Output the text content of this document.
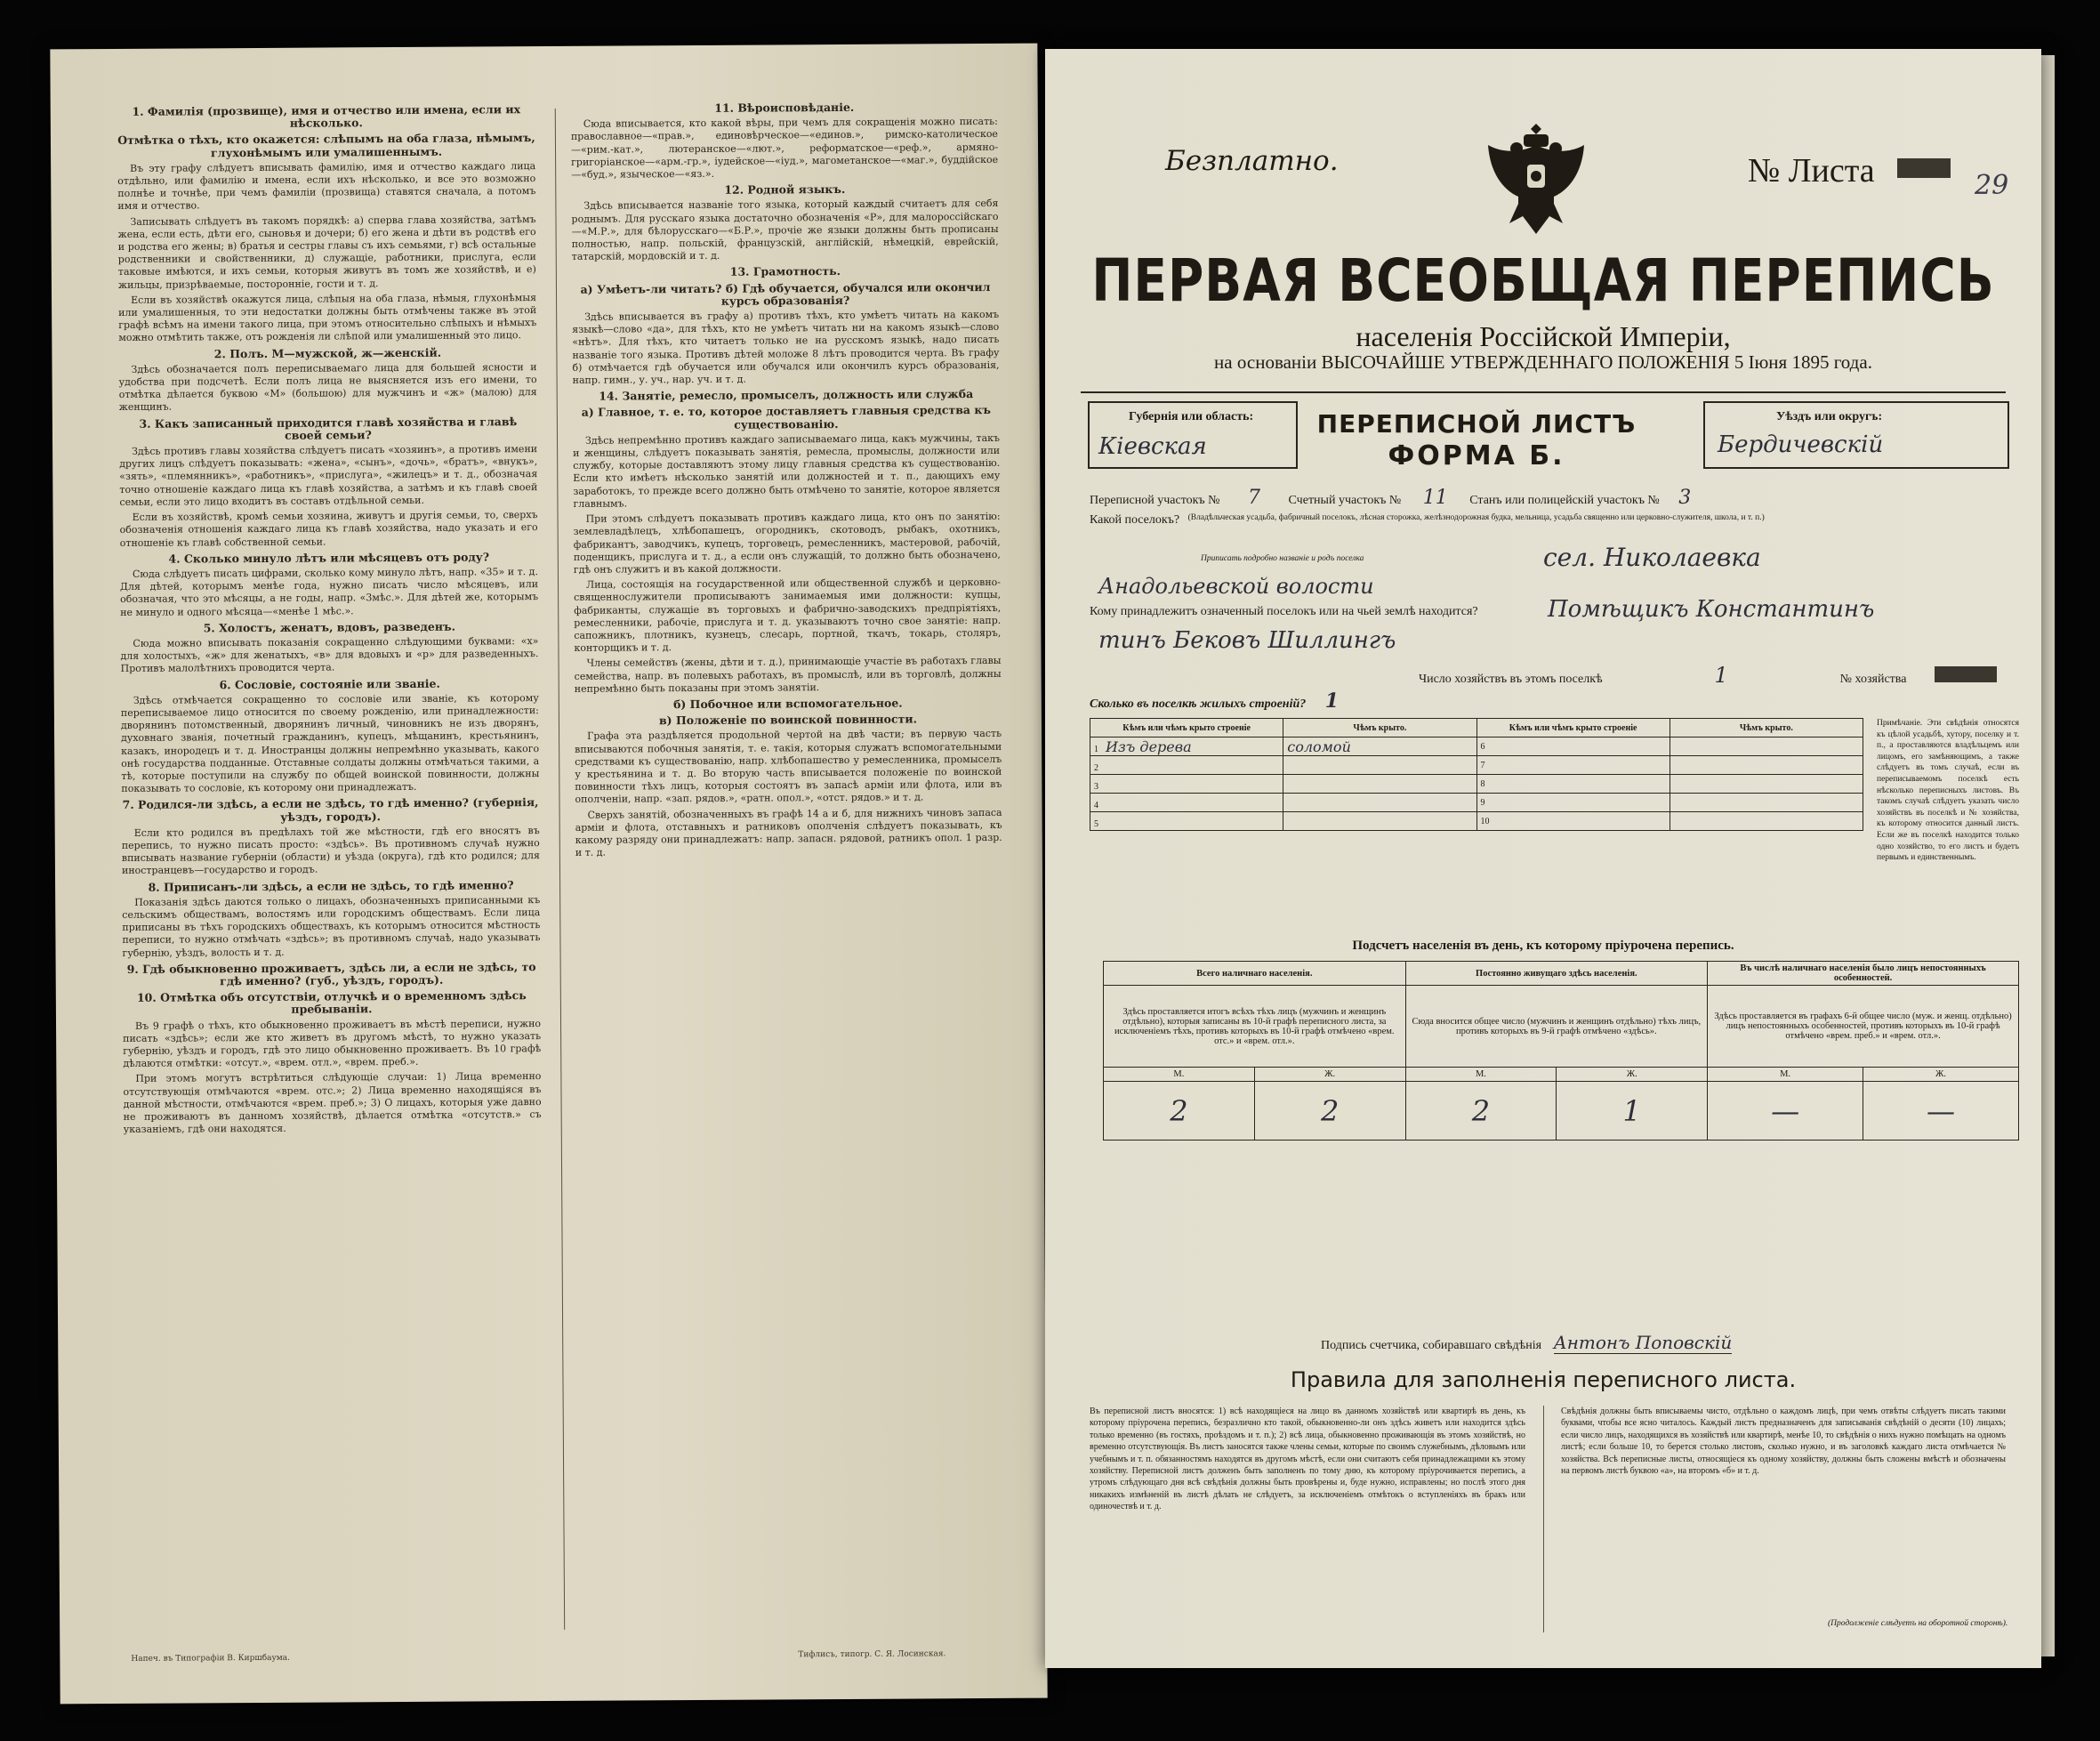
1. Фамилія (прозвище), имя и отчество или имена, если их нѣсколько.
Отмѣтка о тѣхъ, кто окажется: слѣпымъ на оба глаза, нѣмымъ, глухонѣмымъ или умалишеннымъ.

Въ эту графу слѣдуетъ вписывать фамилію, имя и отчество каждаго лица отдѣльно, или фамилію и имена, если ихъ нѣсколько, и все это возможно полнѣе и точнѣе, при чемъ фамиліи (прозвища) ставятся сначала, а потомъ имя и отчество.

Записывать слѣдуетъ въ такомъ порядкѣ: а) сперва глава хозяйства, затѣмъ жена, если есть, дѣти его, сыновья и дочери; б) его жена и дѣти въ родствѣ его и родства его жены; в) братья и сестры главы съ ихъ семьями, г) всѣ остальные родственники и свойственники, д) служащіе, работники, прислуга, если таковые имѣются, и ихъ семьи, которыя живутъ въ томъ же хозяйствѣ, и е) жильцы, призрѣваемые, посторонніе, гости и т. д.

Если въ хозяйствѣ окажутся лица, слѣпыя на оба глаза, нѣмыя, глухонѣмыя или умалишенныя, то эти недостатки должны быть отмѣчены также въ этой графѣ всѣмъ на имени такого лица, при этомъ относительно слѣпыхъ и нѣмыхъ можно отмѣтить также, отъ рожденія ли слѣпой или умалишенный это лицо.

2. Полъ. М—мужской, ж—женскій.

Здѣсь обозначается полъ переписываемаго лица для большей ясности и удобства при подсчетѣ. Если полъ лица не выясняется изъ его имени, то отмѣтка дѣлается буквою «М» (большою) для мужчинъ и «ж» (малою) для женщинъ.

3. Какъ записанный приходится главѣ хозяйства и главѣ своей семьи?

Здѣсь противъ главы хозяйства слѣдуетъ писать «хозяинъ», а противъ имени других лицъ слѣдуетъ показывать: «жена», «сынъ», «дочь», «братъ», «внукъ», «зять», «племянникъ», «работникъ», «прислуга», «жилецъ» и т. д., обозначая точно отношеніе каждаго лица къ главѣ хозяйства, а затѣмъ и къ главѣ своей семьи, если это лицо входитъ въ составъ отдѣльной семьи.

Если въ хозяйствѣ, кромѣ семьи хозяина, живутъ и другія семьи, то, сверхъ обозначенія отношенія каждаго лица къ главѣ хозяйства, надо указать и его отношеніе къ главѣ собственной семьи.

4. Сколько минуло лѣтъ или мѣсяцевъ отъ роду?

Сюда слѣдуетъ писать цифрами, сколько кому минуло лѣтъ, напр. «35» и т. д. Для дѣтей, которымъ менѣе года, нужно писать число мѣсяцевъ, или обозначая, что это мѣсяцы, а не годы, напр. «3мѣс.». Для дѣтей же, которымъ не минуло и одного мѣсяца—«менѣе 1 мѣс.».

5. Холостъ, женатъ, вдовъ, разведенъ.

Сюда можно вписывать показанія сокращенно слѣдующими буквами: «х» для холостыхъ, «ж» для женатыхъ, «в» для вдовыхъ и «р» для разведенныхъ. Противъ малолѣтнихъ проводится черта.

6. Сословіе, состояніе или званіе.

Здѣсь отмѣчается сокращенно то сословіе или званіе, къ которому переписываемое лицо относится по своему рожденію, или принадлежности: дворянинъ потомственный, дворянинъ личный, чиновникъ не изъ дворянъ, духовнаго званія, почетный гражданинъ, купецъ, мѣщанинъ, крестьянинъ, казакъ, инородецъ и т. д. Иностранцы должны непремѣнно указывать, какого онѣ государства подданные. Отставные солдаты должны отмѣчаться такими, а тѣ, которые поступили на службу по общей воинской повинности, должны показывать то сословіе, къ которому они принадлежатъ.

7. Родился-ли здѣсь, а если не здѣсь, то гдѣ именно? (губернія, уѣздъ, городъ).

Если кто родился въ предѣлахъ той же мѣстности, гдѣ его вносятъ въ перепись, то нужно писать просто: «здѣсь». Въ противномъ случаѣ нужно вписывать название губерніи (области) и уѣзда (округа), гдѣ кто родился; для иностранцевъ—государство и городъ.

8. Приписанъ-ли здѣсь, а если не здѣсь, то гдѣ именно?

Показанія здѣсь даются только о лицахъ, обозначенныхъ приписанными къ сельскимъ обществамъ, волостямъ или городскимъ обществамъ. Если лица приписаны въ тѣхъ городскихъ обществахъ, къ которымъ относится мѣстность переписи, то нужно отмѣчать «здѣсь»; въ противномъ случаѣ, надо указывать губернію, уѣздъ, волость и т. д.

9. Гдѣ обыкновенно проживаетъ, здѣсь ли, а если не здѣсь, то гдѣ именно? (губ., уѣздъ, городъ).
10. Отмѣтка объ отсутствіи, отлучкѣ и о временномъ здѣсь пребываніи.

Въ 9 графѣ о тѣхъ, кто обыкновенно проживаетъ въ мѣстѣ переписи, нужно писать «здѣсь»; если же кто живетъ въ другомъ мѣстѣ, то нужно указать губернію, уѣздъ и городъ, гдѣ это лицо обыкновенно проживаетъ. Въ 10 графѣ дѣлаются отмѣтки: «отсут.», «врем. отл.», «врем. преб.».

При этомъ могутъ встрѣтиться слѣдующіе случаи: 1) Лица временно отсутствующія отмѣчаются «врем. отс.»; 2) Лица временно находящіяся въ данной мѣстности, отмѣчаются «врем. преб.»; 3) О лицахъ, которыя уже давно не проживаютъ въ данномъ хозяйствѣ, дѣлается отмѣтка «отсутств.» съ указаніемъ, гдѣ они находятся.

11. Вѣроисповѣданіе.

Сюда вписывается, кто какой вѣры, при чемъ для сокращенія можно писать: православное—«прав.», единовѣрческое—«единов.», римско-католическое—«рим.-кат.», лютеранское—«лют.», реформатское—«реф.», армяно-григоріанское—«арм.-гр.», іудейское—«іуд.», магометанское—«маг.», буддійское—«буд.», языческое—«яз.».

12. Родной языкъ.

Здѣсь вписывается названіе того языка, который каждый считаетъ для себя роднымъ. Для русскаго языка достаточно обозначенія «Р», для малороссійскаго—«М.Р.», для бѣлорусскаго—«Б.Р.», прочіе же языки должны быть прописаны полностью, напр. польскій, французскій, англійскій, нѣмецкій, еврейскій, татарскій, мордовскій и т. д.

13. Грамотность.
а) Умѣетъ-ли читать? б) Гдѣ обучается, обучался или окончил курсъ образованія?

Здѣсь вписывается въ графу а) противъ тѣхъ, кто умѣетъ читать на какомъ языкѣ—слово «да», для тѣхъ, кто не умѣетъ читать ни на какомъ языкѣ—слово «нѣтъ». Для тѣхъ, кто читаетъ только не на русскомъ языкѣ, надо писать названіе того языка. Противъ дѣтей моложе 8 лѣтъ проводится черта. Въ графу б) отмѣчается гдѣ обучается или обучался или окончилъ курсъ образованія, напр. гимн., у. уч., нар. уч. и т. д.

14. Занятіе, ремесло, промыселъ, должность или служба
а) Главное, т. е. то, которое доставляетъ главныя средства къ существованію.

Здѣсь непремѣнно противъ каждаго записываемаго лица, какъ мужчины, такъ и женщины, слѣдуетъ показывать занятія, ремесла, промыслы, должности или службу, которые доставляютъ этому лицу главныя средства къ существованію. Если кто имѣетъ нѣсколько занятій или должностей и т. п., дающихъ ему заработокъ, то прежде всего должно быть отмѣчено то занятіе, которое является главнымъ.

При этомъ слѣдуетъ показывать противъ каждаго лица, кто онъ по занятію: землевладѣлецъ, хлѣбопашецъ, огородникъ, скотоводъ, рыбакъ, охотникъ, фабрикантъ, заводчикъ, купецъ, торговецъ, ремесленникъ, мастеровой, рабочій, поденщикъ, прислуга и т. д., а если онъ служащій, то должно быть обозначено, гдѣ онъ служитъ и въ какой должности.

Лица, состоящія на государственной или общественной службѣ и церковно-священнослужители прописываютъ занимаемыя ими должности: купцы, фабриканты, служащіе въ торговыхъ и фабрично-заводскихъ предпріятіяхъ, ремесленники, рабочіе, прислуга и т. д. указываютъ точно свое занятіе: напр. сапожникъ, плотникъ, кузнецъ, слесарь, портной, ткачъ, токарь, столяръ, конторщикъ и т. д.

Члены семействъ (жены, дѣти и т. д.), принимающіе участіе въ работахъ главы семейства, напр. въ полевыхъ работахъ, въ промыслѣ, или въ торговлѣ, должны непремѣнно быть показаны при этомъ занятіи.

б) Побочное или вспомогательное.
в) Положеніе по воинской повинности.

Графа эта раздѣляется продольной чертой на двѣ части; въ первую часть вписываются побочныя занятія, т. е. такія, которыя служатъ вспомогательными средствами къ существованію, напр. хлѣбопашество у ремесленника, промыселъ у крестьянина и т. д. Во вторую часть вписывается положеніе по воинской повинности тѣхъ лицъ, которыя состоятъ въ запасѣ арміи или флота, или въ ополченіи, напр. «зап. рядов.», «ратн. опол.», «отст. рядов.» и т. д.

Сверхъ занятій, обозначенныхъ въ графѣ 14 а и б, для нижнихъ чиновъ запаса арміи и флота, отставныхъ и ратниковъ ополченія слѣдуетъ показывать, къ какому разряду они принадлежатъ: напр. запасн. рядовой, ратникъ опол. 1 разр. и т. д.

Напеч. въ Типографіи В. Киршбаума.	Тифлисъ, типогр. С. Я. Лосинская.
Безплатно.	№ Листа	29
ПЕРВАЯ ВСЕОБЩАЯ ПЕРЕПИСЬ
населенія Россійской Имперіи,
на основаніи ВЫСОЧАЙШЕ УТВЕРЖДЕННАГО ПОЛОЖЕНІЯ 5 Іюня 1895 года.
Губернія или область:
Кіевская
ПЕРЕПИСНОЙ ЛИСТЪ
ФОРМА Б.
Уѣздъ или округъ:
Бердичевскій
Переписной участокъ № 7 Счетный участокъ № 11 Станъ или полицейскій участокъ № 3
Какой поселокъ? (Владѣльческая усадьба, фабричный поселокъ, лѣсная сторожка, желѣзнодорожная будка, мельница, усадьба священно или церковно-служителя, школа, и т. п.)
Приписать подробно названіе и родъ поселка	сел. Николаевка
Анадольевской волости
Кому принадлежитъ означенный поселокъ или на чьей землѣ находится?	Помѣщикъ Константинъ
тинъ Бековъ Шиллингъ
Число хозяйствъ въ этомъ поселкѣ	1	№ хозяйства
Сколько въ поселкѣ жилыхъ строеній? 1
Кѣмъ или чѣмъ крыто строеніе	Чѣмъ крыто.	Кѣмъ или чѣмъ крыто строеніе	Чѣмъ крыто.
1 Изъ дерева	соломой	6	
2		7	
3		8	
4		9	
5		10	
Примѣчаніе. Эти свѣдѣнія относятся къ цѣлой усадьбѣ, хутору, поселку и т. п., а проставляются владѣльцемъ или лицомъ, его замѣняющимъ, а также слѣдуетъ въ томъ случаѣ, если въ переписываемомъ поселкѣ есть нѣсколько переписныхъ листовъ. Въ такомъ случаѣ слѣдуетъ указать число хозяйствъ въ поселкѣ и № хозяйства, къ которому относится данный листъ. Если же въ поселкѣ находится только одно хозяйство, то его листъ и будетъ первымъ и единственнымъ.
Подсчетъ населенія въ день, къ которому пріурочена перепись.
Всего наличнаго населенія.		Постоянно живущаго здѣсь населенія.		Въ числѣ наличнаго населенія было лицъ непостоянныхъ особенностей.	
Здѣсь проставляется итогъ всѣхъ тѣхъ лицъ (мужчинъ и женщинъ отдѣльно), которыя записаны въ 10-й графѣ переписного листа, за исключеніемъ тѣхъ, противъ которыхъ въ 10-й графѣ отмѣчено «врем. отс.» и «врем. отл.».		Сюда вносится общее число (мужчинъ и женщинъ отдѣльно) тѣхъ лицъ, противъ которыхъ въ 9-й графѣ отмѣчено «здѣсь».		Здѣсь проставляется въ графахъ 6-й общее число (муж. и женщ. отдѣльно) лицъ непостоянныхъ особенностей, противъ которыхъ въ 10-й графѣ отмѣчено «врем. преб.» и «врем. отл.».	
М.	Ж.	М.	Ж.	М.	Ж.
2	2	2	1	—	—
Подпись счетчика, собиравшаго свѣдѣнія Антонъ Поповскій
Правила для заполненія переписного листа.
Въ переписной листъ вносятся: 1) всѣ находящіеся на лицо въ данномъ хозяйствѣ или квартирѣ въ день, къ которому пріурочена перепись, безразлично кто такой, обыкновенно-ли онъ здѣсь живетъ или находится здѣсь только временно (въ гостяхъ, проѣздомъ и т. п.); 2) всѣ лица, обыкновенно проживающія въ этомъ хозяйствѣ, но временно отсутствующія. Въ листъ заносятся также члены семьи, которые по своимъ служебнымъ, дѣловымъ или учебнымъ и т. п. обязанностямъ находятся въ другомъ мѣстѣ, если они считаютъ себя принадлежащими къ этому хозяйству. Переписной листъ долженъ быть заполненъ по тому дню, къ которому пріурочивается перепись, а утромъ слѣдующаго дня всѣ свѣдѣнія должны быть провѣрены и, буде нужно, исправлены; но послѣ этого дня никакихъ измѣненій въ листѣ дѣлать не слѣдуетъ, за исключеніемъ отмѣтокъ о вступленіяхъ въ бракъ или одиночествѣ и т. д.
Свѣдѣнія должны быть вписываемы чисто, отдѣльно о каждомъ лицѣ, при чемъ отвѣты слѣдуетъ писать такими буквами, чтобы все ясно читалось. Каждый листъ предназначенъ для записыванія свѣдѣній о десяти (10) лицахъ; если число лицъ, находящихся въ хозяйствѣ или квартирѣ, менѣе 10, то свѣдѣнія о нихъ нужно помѣщать на одномъ листѣ; если больше 10, то берется столько листовъ, сколько нужно, и въ заголовкѣ каждаго листа отмѣчается № хозяйства. Всѣ переписные листы, относящіеся къ одному хозяйству, должны быть сложены вмѣстѣ и обозначены на первомъ листѣ буквою «а», на второмъ «б» и т. д.
(Продолженіе слѣдуетъ на оборотной сторонѣ).
